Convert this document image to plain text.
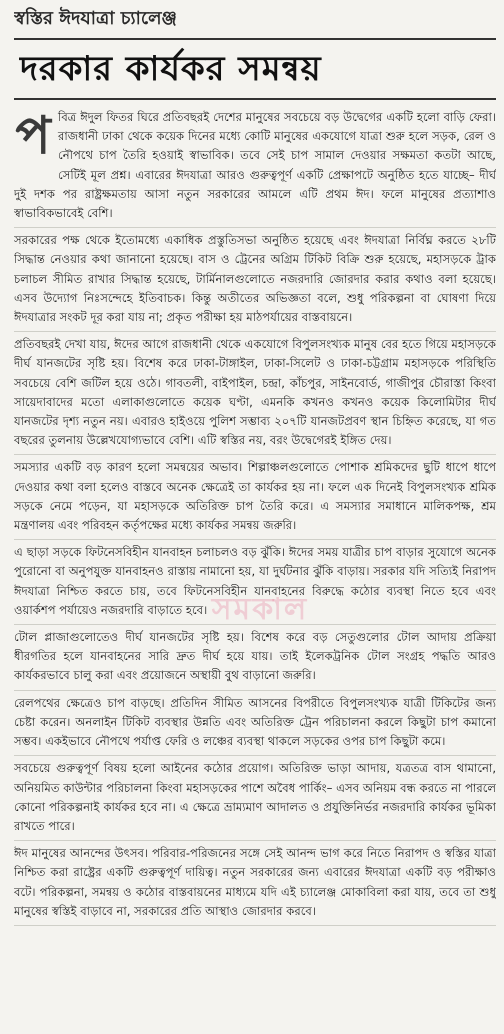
স্বস্তির ঈদযাত্রা চ্যালেঞ্জ
দরকার কার্যকর সমন্বয়

প বিত্র ঈদুল ফিতর ঘিরে প্রতিবছরই দেশের মানুষের সবচেয়ে বড় উদ্বেগের একটি হলো বাড়ি ফেরা। রাজধানী ঢাকা থেকে কয়েক দিনের মধ্যে কোটি মানুষের একযোগে যাত্রা শুরু হলে সড়ক, রেল ও নৌপথে চাপ তৈরি হওয়াই স্বাভাবিক। তবে সেই চাপ সামাল দেওয়ার সক্ষমতা কতটা আছে, সেটিই মূল প্রশ্ন। এবারের ঈদযাত্রা আরও গুরুত্বপূর্ণ একটি প্রেক্ষাপটে অনুষ্ঠিত হতে যাচ্ছে– দীর্ঘ দুই দশক পর রাষ্ট্রক্ষমতায় আসা নতুন সরকারের আমলে এটি প্রথম ঈদ। ফলে মানুষের প্রত্যাশাও স্বাভাবিকভাবেই বেশি।

সরকারের পক্ষ থেকে ইতোমধ্যে একাধিক প্রস্তুতিসভা অনুষ্ঠিত হয়েছে এবং ঈদযাত্রা নির্বিঘ্ন করতে ২৮টি সিদ্ধান্ত নেওয়ার কথা জানানো হয়েছে। বাস ও ট্রেনের অগ্রিম টিকিট বিক্রি শুরু হয়েছে, মহাসড়কে ট্রাক চলাচল সীমিত রাখার সিদ্ধান্ত হয়েছে, টার্মিনালগুলোতে নজরদারি জোরদার করার কথাও বলা হয়েছে। এসব উদ্যোগ নিঃসন্দেহে ইতিবাচক। কিন্তু অতীতের অভিজ্ঞতা বলে, শুধু পরিকল্পনা বা ঘোষণা দিয়ে ঈদযাত্রার সংকট দূর করা যায় না; প্রকৃত পরীক্ষা হয় মাঠপর্যায়ের বাস্তবায়নে।

প্রতিবছরই দেখা যায়, ঈদের আগে রাজধানী থেকে একযোগে বিপুলসংখ্যক মানুষ বের হতে গিয়ে মহাসড়কে দীর্ঘ যানজটের সৃষ্টি হয়। বিশেষ করে ঢাকা-টাঙ্গাইল, ঢাকা-সিলেট ও ঢাকা-চট্টগ্রাম মহাসড়কে পরিস্থিতি সবচেয়ে বেশি জটিল হয়ে ওঠে। গাবতলী, বাইপাইল, চন্দ্রা, কাঁচপুর, সাইনবোর্ড, গাজীপুর চৌরাস্তা কিংবা সায়েদাবাদের মতো এলাকাগুলোতে কয়েক ঘণ্টা, এমনকি কখনও কখনও কয়েক কিলোমিটার দীর্ঘ যানজটের দৃশ্য নতুন নয়। এবারও হাইওয়ে পুলিশ সম্ভাব্য ২০৭টি যানজটপ্রবণ স্থান চিহ্নিত করেছে, যা গত বছরের তুলনায় উল্লেখযোগ্যভাবে বেশি। এটি স্বস্তির নয়, বরং উদ্বেগেরই ইঙ্গিত দেয়।

সমস্যার একটি বড় কারণ হলো সমন্বয়ের অভাব। শিল্পাঞ্চলগুলোতে পোশাক শ্রমিকদের ছুটি ধাপে ধাপে দেওয়ার কথা বলা হলেও বাস্তবে অনেক ক্ষেত্রেই তা কার্যকর হয় না। ফলে এক দিনেই বিপুলসংখ্যক শ্রমিক সড়কে নেমে পড়েন, যা মহাসড়কে অতিরিক্ত চাপ তৈরি করে। এ সমস্যার সমাধানে মালিকপক্ষ, শ্রম মন্ত্রণালয় এবং পরিবহন কর্তৃপক্ষের মধ্যে কার্যকর সমন্বয় জরুরি।

এ ছাড়া সড়কে ফিটনেসবিহীন যানবাহন চলাচলও বড় ঝুঁকি। ঈদের সময় যাত্রীর চাপ বাড়ার সুযোগে অনেক পুরোনো বা অনুপযুক্ত যানবাহনও রাস্তায় নামানো হয়, যা দুর্ঘটনার ঝুঁকি বাড়ায়। সরকার যদি সত্যিই নিরাপদ ঈদযাত্রা নিশ্চিত করতে চায়, তবে ফিটনেসবিহীন যানবাহনের বিরুদ্ধে কঠোর ব্যবস্থা নিতে হবে এবং ওয়ার্কশপ পর্যায়েও নজরদারি বাড়াতে হবে।

টোল প্লাজাগুলোতেও দীর্ঘ যানজটের সৃষ্টি হয়। বিশেষ করে বড় সেতুগুলোর টোল আদায় প্রক্রিয়া ধীরগতির হলে যানবাহনের সারি দ্রুত দীর্ঘ হয়ে যায়। তাই ইলেকট্রনিক টোল সংগ্রহ পদ্ধতি আরও কার্যকরভাবে চালু করা এবং প্রয়োজনে অস্থায়ী বুথ বাড়ানো জরুরি।

রেলপথের ক্ষেত্রেও চাপ বাড়ছে। প্রতিদিন সীমিত আসনের বিপরীতে বিপুলসংখ্যক যাত্রী টিকিটের জন্য চেষ্টা করেন। অনলাইন টিকিট ব্যবস্থার উন্নতি এবং অতিরিক্ত ট্রেন পরিচালনা করলে কিছুটা চাপ কমানো সম্ভব। একইভাবে নৌপথে পর্যাপ্ত ফেরি ও লঞ্চের ব্যবস্থা থাকলে সড়কের ওপর চাপ কিছুটা কমে।

সবচেয়ে গুরুত্বপূর্ণ বিষয় হলো আইনের কঠোর প্রয়োগ। অতিরিক্ত ভাড়া আদায়, যত্রতত্র বাস থামানো, অনিয়মিত কাউন্টার পরিচালনা কিংবা মহাসড়কের পাশে অবৈধ পার্কিং– এসব অনিয়ম বন্ধ করতে না পারলে কোনো পরিকল্পনাই কার্যকর হবে না। এ ক্ষেত্রে ভ্রাম্যমাণ আদালত ও প্রযুক্তিনির্ভর নজরদারি কার্যকর ভূমিকা রাখতে পারে।

ঈদ মানুষের আনন্দের উৎসব। পরিবার-পরিজনের সঙ্গে সেই আনন্দ ভাগ করে নিতে নিরাপদ ও স্বস্তির যাত্রা নিশ্চিত করা রাষ্ট্রের একটি গুরুত্বপূর্ণ দায়িত্ব। নতুন সরকারের জন্য এবারের ঈদযাত্রা একটি বড় পরীক্ষাও বটে। পরিকল্পনা, সমন্বয় ও কঠোর বাস্তবায়নের মাধ্যমে যদি এই চ্যালেঞ্জ মোকাবিলা করা যায়, তবে তা শুধু মানুষের স্বস্তিই বাড়াবে না, সরকারের প্রতি আস্থাও জোরদার করবে।

সমকাল
